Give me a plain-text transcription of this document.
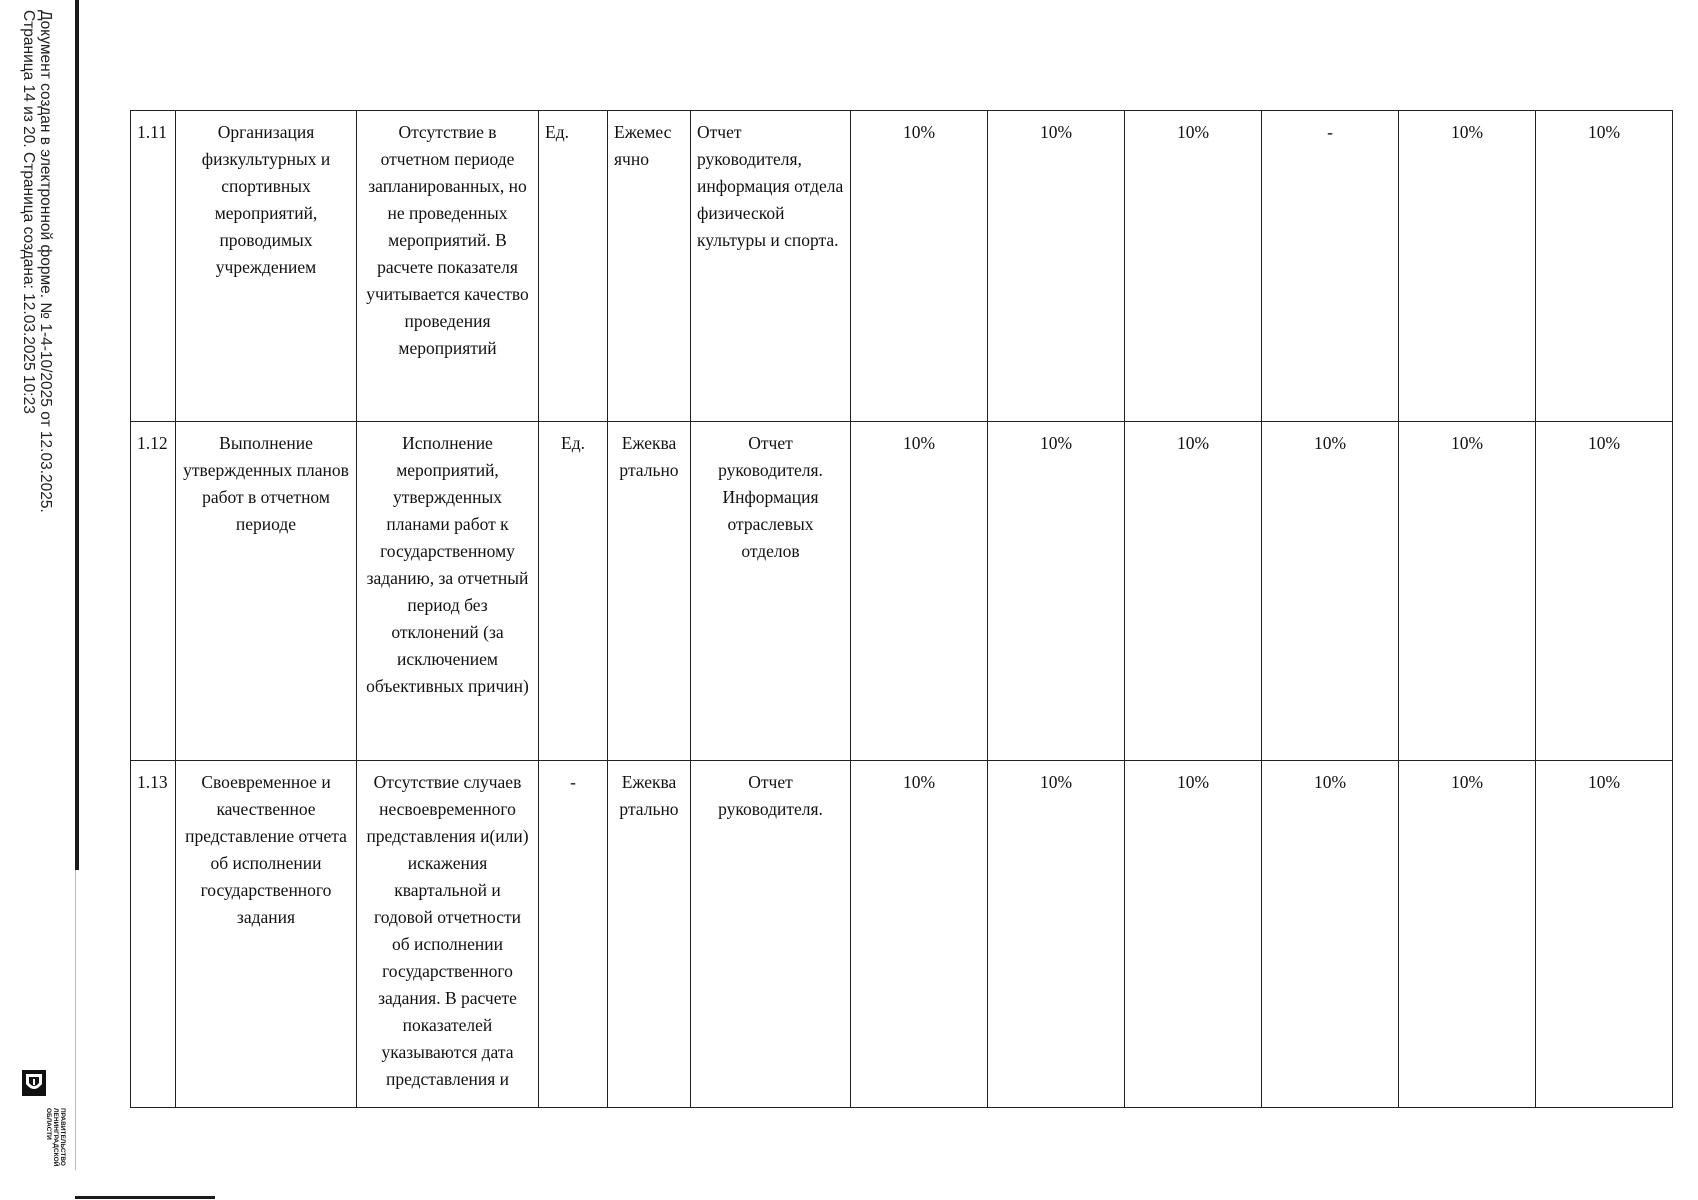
Документ создан в электронной форме. № 1-4-10/2025 от 12.03.2025.
Страница 14 из 20. Страница создана: 12.03.2025 10:23
ПРАВИТЕЛЬСТВО
ЛЕНИНГРАДСКОЙ
ОБЛАСТИ
1.11	Организация физкультурных и спортивных мероприятий, проводимых учреждением	Отсутствие в отчетном периоде запланированных, но не проведенных мероприятий. В расчете показателя учитывается качество проведения мероприятий	Ед.	Ежемес ячно	Отчет руководителя, информация отдела физической культуры и спорта.	10%	10%	10%	-	10%	10%
1.12	Выполнение утвержденных планов работ в отчетном периоде	Исполнение мероприятий, утвержденных планами работ к государственному заданию, за отчетный период без отклонений (за исключением объективных причин)	Ед.	Ежеква ртально	Отчет руководителя. Информация отраслевых отделов	10%	10%	10%	10%	10%	10%
1.13	Своевременное и качественное представление отчета об исполнении государственного задания	Отсутствие случаев несвоевременного представления и(или) искажения квартальной и годовой отчетности об исполнении государственного задания. В расчете показателей указываются дата представления и	-	Ежеква ртально	Отчет руководителя.	10%	10%	10%	10%	10%	10%
